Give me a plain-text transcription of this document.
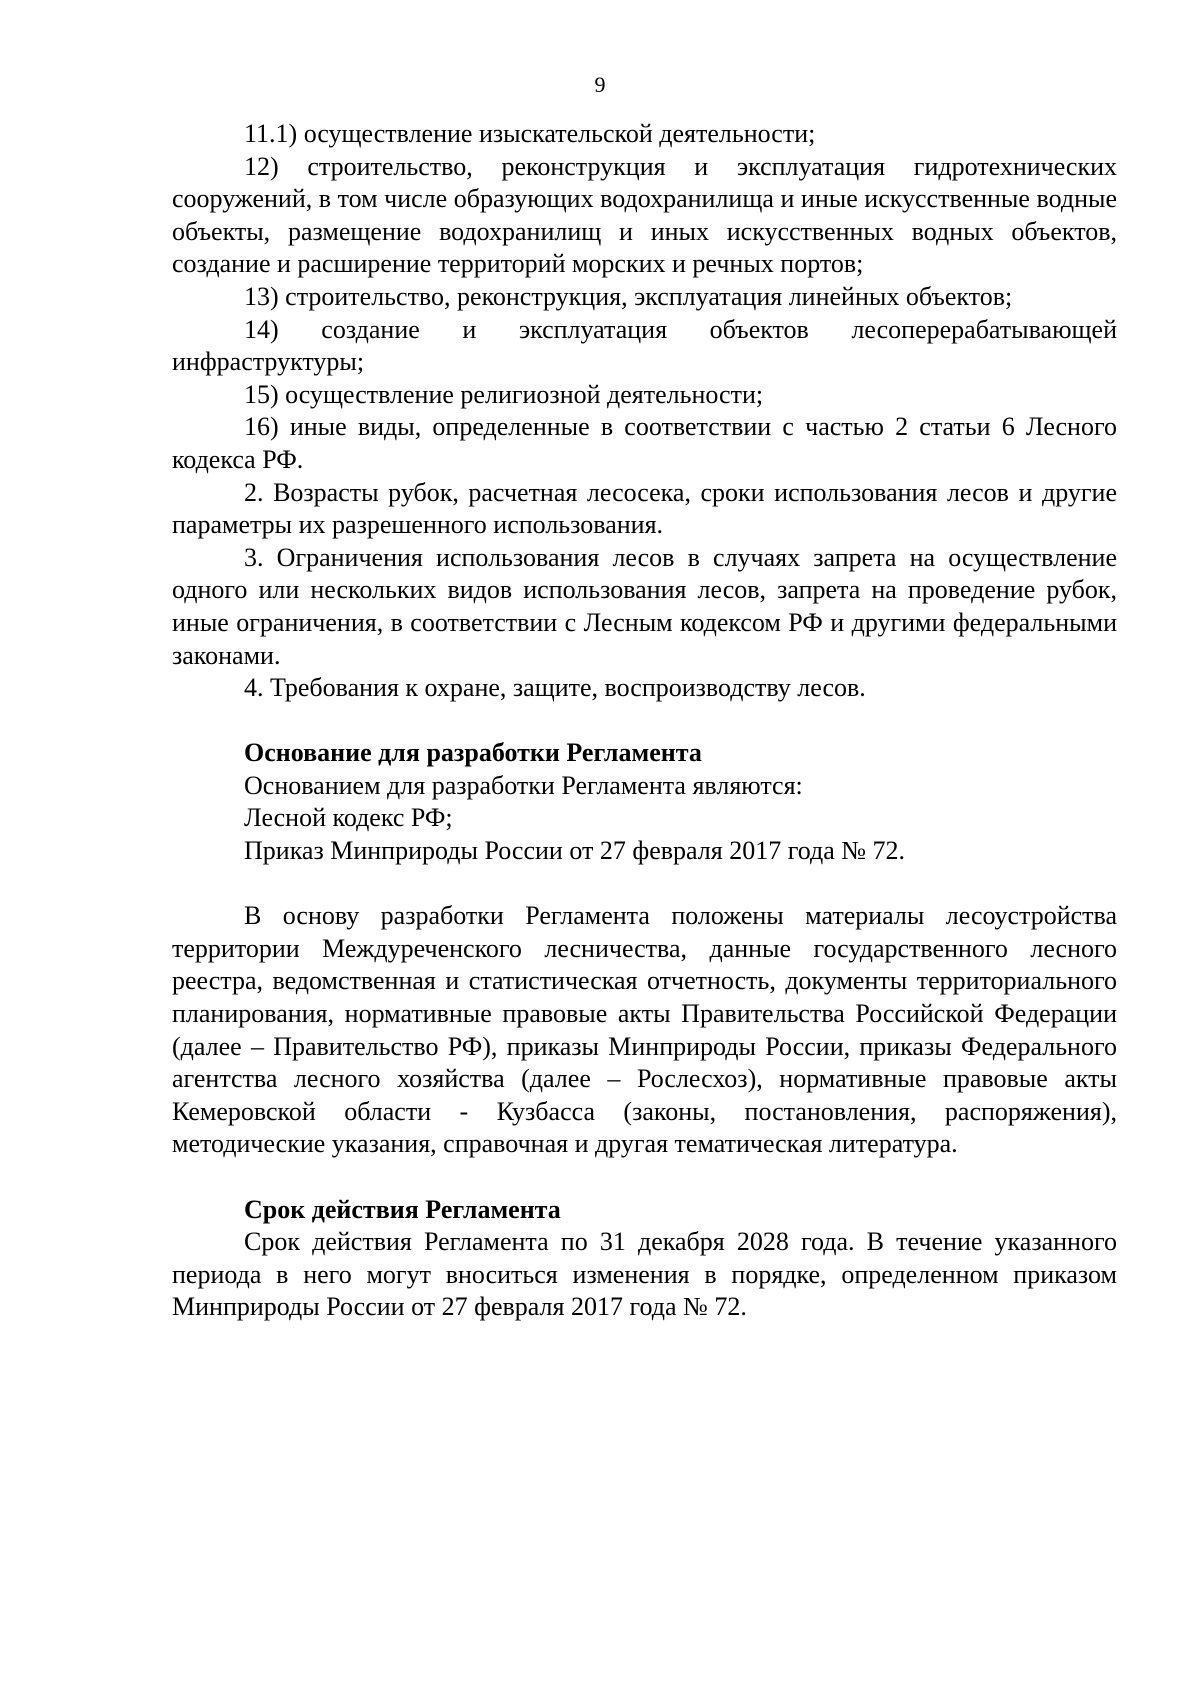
9

11.1) осуществление изыскательской деятельности;

12) строительство, реконструкция и эксплуатация гидротехнических сооружений, в том числе образующих водохранилища и иные искусственные водные объекты, размещение водохранилищ и иных искусственных водных объектов, создание и расширение территорий морских и речных портов;

13) строительство, реконструкция, эксплуатация линейных объектов;

14) создание и эксплуатация объектов лесоперерабатывающей инфраструктуры;

15) осуществление религиозной деятельности;

16) иные виды, определенные в соответствии с частью 2 статьи 6 Лесного кодекса РФ.

2. Возрасты рубок, расчетная лесосека, сроки использования лесов и другие параметры их разрешенного использования.

3. Ограничения использования лесов в случаях запрета на осуществление одного или нескольких видов использования лесов, запрета на проведение рубок, иные ограничения, в соответствии с Лесным кодексом РФ и другими федеральными законами.

4. Требования к охране, защите, воспроизводству лесов.

Основание для разработки Регламента

Основанием для разработки Регламента являются:

Лесной кодекс РФ;

Приказ Минприроды России от 27 февраля 2017 года № 72.

В основу разработки Регламента положены материалы лесоустройства территории Междуреченского лесничества, данные государственного лесного реестра, ведомственная и статистическая отчетность, документы территориального планирования, нормативные правовые акты Правительства Российской Федерации (далее – Правительство РФ), приказы Минприроды России, приказы Федерального агентства лесного хозяйства (далее – Рослесхоз), нормативные правовые акты Кемеровской области - Кузбасса (законы, постановления, распоряжения), методические указания, справочная и другая тематическая литература.

Срок действия Регламента

Срок действия Регламента по 31 декабря 2028 года. В течение указанного периода в него могут вноситься изменения в порядке, определенном приказом Минприроды России от 27 февраля 2017 года № 72.
